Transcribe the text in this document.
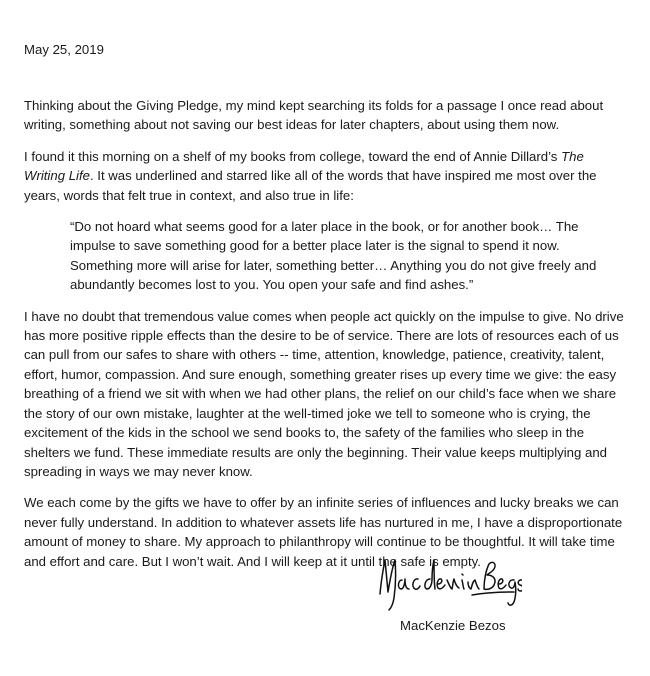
May 25, 2019

Thinking about the Giving Pledge, my mind kept searching its folds for a passage I once read about writing, something about not saving our best ideas for later chapters, about using them now.

I found it this morning on a shelf of my books from college, toward the end of Annie Dillard’s The Writing Life. It was underlined and starred like all of the words that have inspired me most over the years, words that felt true in context, and also true in life:

“Do not hoard what seems good for a later place in the book, or for another book… The impulse to save something good for a better place later is the signal to spend it now. Something more will arise for later, something better… Anything you do not give freely and abundantly becomes lost to you. You open your safe and find ashes.”

I have no doubt that tremendous value comes when people act quickly on the impulse to give. No drive has more positive ripple effects than the desire to be of service. There are lots of resources each of us can pull from our safes to share with others -- time, attention, knowledge, patience, creativity, talent, effort, humor, compassion. And sure enough, something greater rises up every time we give: the easy breathing of a friend we sit with when we had other plans, the relief on our child’s face when we share the story of our own mistake, laughter at the well-timed joke we tell to someone who is crying, the excitement of the kids in the school we send books to, the safety of the families who sleep in the shelters we fund. These immediate results are only the beginning. Their value keeps multiplying and spreading in ways we may never know.

We each come by the gifts we have to offer by an infinite series of influences and lucky breaks we can never fully understand. In addition to whatever assets life has nurtured in me, I have a disproportionate amount of money to share. My approach to philanthropy will continue to be thoughtful. It will take time and effort and care. But I won’t wait. And I will keep at it until the safe is empty.

MacKenzie Bezos
